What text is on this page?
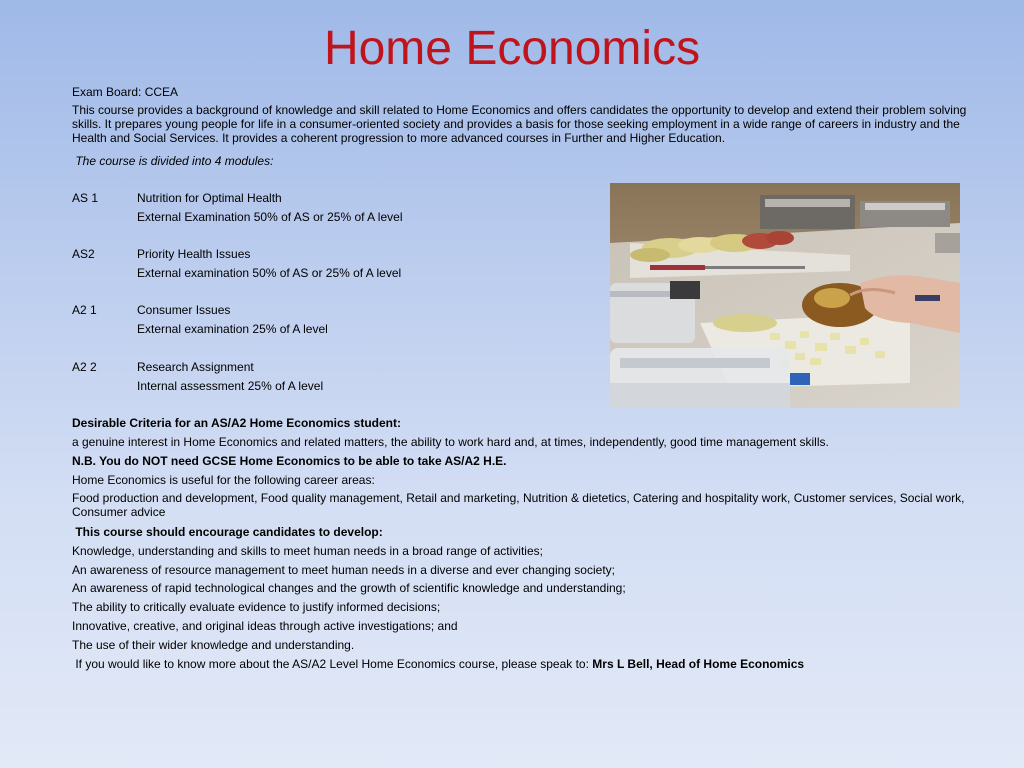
Home Economics
Exam Board: CCEA
This course provides a background of knowledge and skill related to Home Economics and offers candidates the opportunity to develop and extend their problem solving skills. It prepares young people for life in a consumer-oriented society and provides a basis for those seeking employment in a wide range of careers in industry and the Health and Social Services. It provides a coherent progression to more advanced courses in Further and Higher Education.
The course is divided into 4 modules:
AS 1	Nutrition for Optimal Health
External Examination 50% of AS or 25% of A level
AS2	Priority Health Issues
External examination 50% of AS or 25% of A level
A2 1	Consumer Issues
External examination 25% of A level
A2 2	Research Assignment
Internal assessment 25% of A level
Desirable Criteria for an AS/A2 Home Economics student:
a genuine interest in Home Economics and related matters, the ability to work hard and, at times, independently, good time management skills.
N.B. You do NOT need GCSE Home Economics to be able to take AS/A2 H.E.
Home Economics is useful for the following career areas:
Food production and development, Food quality management, Retail and marketing, Nutrition & dietetics, Catering and hospitality work, Customer services, Social work, Consumer advice
This course should encourage candidates to develop:
Knowledge, understanding and skills to meet human needs in a broad range of activities;
An awareness of resource management to meet human needs in a diverse and ever changing society;
An awareness of rapid technological changes and the growth of scientific knowledge and understanding;
The ability to critically evaluate evidence to justify informed decisions;
Innovative, creative, and original ideas through active investigations; and
The use of their wider knowledge and understanding.
If you would like to know more about the AS/A2 Level Home Economics course, please speak to: Mrs L Bell, Head of Home Economics
